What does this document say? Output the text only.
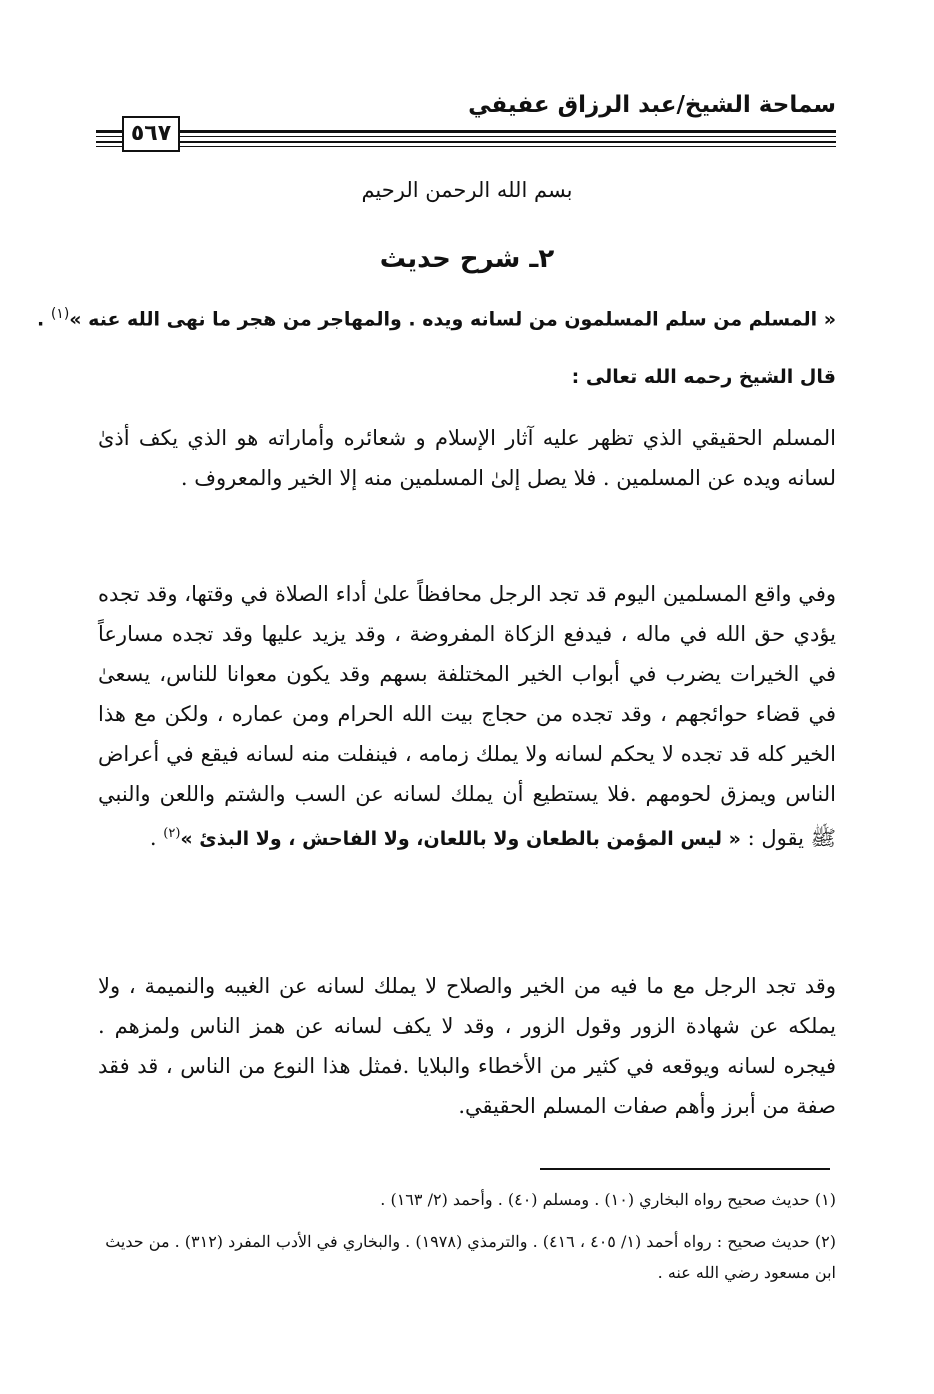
سماحة الشيخ/عبد الرزاق عفيفي
٥٦٧
بسم الله الرحمن الرحيم
٢ـ شرح حديث
« المسلم من سلم المسلمون من لسانه ويده . والمهاجر من هجر ما نهى الله عنه »$^{(١)}$ .
قال الشيخ رحمه الله تعالى :
المسلم الحقيقي الذي تظهر عليه آثار الإسلام و شعائره وأماراته هو الذي يكف أذىٰ لسانه ويده عن المسلمين . فلا يصل إلىٰ المسلمين منه إلا الخير والمعروف .
وفي واقع المسلمين اليوم قد تجد الرجل محافظاً علىٰ أداء الصلاة في وقتها، وقد تجده يؤدي حق الله في ماله ، فيدفع الزكاة المفروضة ، وقد يزيد عليها وقد تجده مسارعاً في الخيرات يضرب في أبواب الخير المختلفة بسهم وقد يكون معوانا للناس، يسعىٰ في قضاء حوائجهم ، وقد تجده من حجاج بيت الله الحرام ومن عماره ، ولكن مع هذا الخير كله قد تجده لا يحكم لسانه ولا يملك زمامه ، فينفلت منه لسانه فيقع في أعراض الناس ويمزق لحومهم .فلا يستطيع أن يملك لسانه عن السب والشتم واللعن والنبي ﷺ يقول : « ليس المؤمن بالطعان ولا باللعان، ولا الفاحش ، ولا البذئ »$^{(٢)}$ .
وقد تجد الرجل مع ما فيه من الخير والصلاح لا يملك لسانه عن الغيبه والنميمة ، ولا يملكه عن شهادة الزور وقول الزور ، وقد لا يكف لسانه عن همز الناس ولمزهم . فيجره لسانه ويوقعه في كثير من الأخطاء والبلايا .فمثل هذا النوع من الناس ، قد فقد صفة من أبرز وأهم صفات المسلم الحقيقي.
(١) حديث صحيح رواه البخاري (١٠) . ومسلم (٤٠) . وأحمد (٢/ ١٦٣) .
(٢) حديث صحيح : رواه أحمد (١/ ٤٠٥ ، ٤١٦) . والترمذي (١٩٧٨) . والبخاري في الأدب المفرد (٣١٢) . من حديث ابن مسعود رضي الله عنه .
